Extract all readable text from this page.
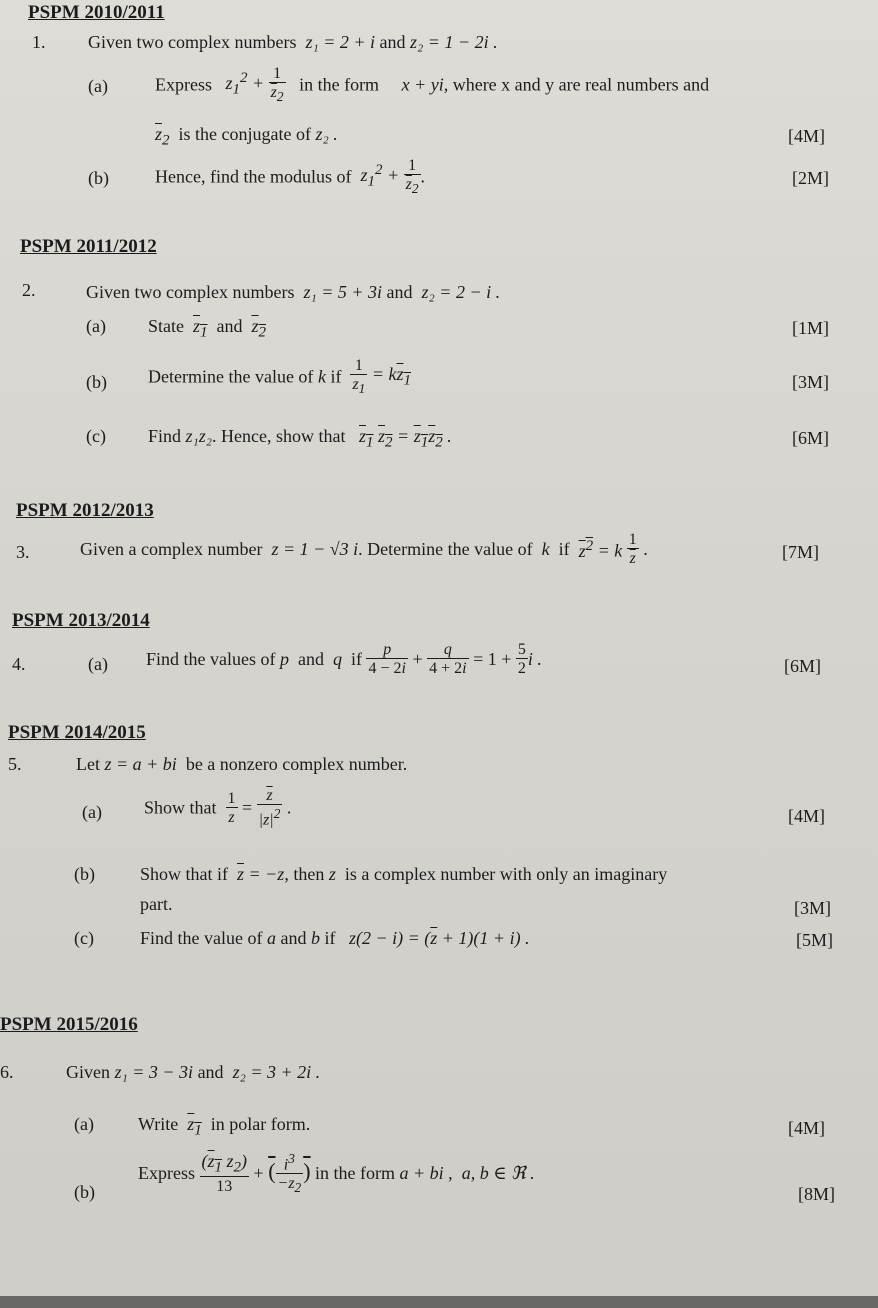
PSPM 2010/2011
1. Given two complex numbers z₁ = 2 + i and z₂ = 1 − 2i .
(a)	Express $z_1^2 + \frac{1}{\overline{z}_2}$ in the form x + yi, where x and y are real numbers and
$\overline{z}_2$ is the conjugate of z₂ .	[4M]
(b)	Hence, find the modulus of $z_1^2 + \frac{1}{\overline{z}_2}$ .	[2M]
PSPM 2011/2012
2.	Given two complex numbers z₁ = 5 + 3i and z₂ = 2 − i .
(a) State $z_1$ and $z_2$	[1M]
(b) Determine the value of k if $\frac{1}{z_1} = kz_1$	[3M]
(c) Find z₁z₂. Hence, show that $z_1$ $z_2 = z_1z_2$ .	[6M]
PSPM 2012/2013
3.	Given a complex number z = 1 − √3 i. Determine the value of k if $z^2 = k \frac{1}{z}$ .	[7M]
PSPM 2013/2014
4.	(a) Find the values of p and q if $\frac{p}{4 - 2i} + \frac{q}{4 + 2i} = 1 + \frac{5}{2}$ i .	[6M]
PSPM 2014/2015
5.	Let z = a + bi be a nonzero complex number.
(a) Show that $\frac{1}{z} = \frac{\overline{z}}{|z|^2}$ .	[4M]
(b)	Show that if $\overline{z} = -z$, then z is a complex number with only an imaginary
part.	[3M]
(c)	Find the value of a and b if $z(2 - i) = (\overline{z} + 1)(1 + i)$ .	[5M]
PSPM 2015/2016
6.	Given z₁ = 3 − 3i and z₂ = 3 + 2i .
(a) Write $z_1$ in polar form.	[4M]
(b)
Express $\frac{(z_1 z_2)}{13}$ + ( $\frac{i^3}{-z_2}$ ) in the form a + bi , a, b ∈ ℜ .
[8M]
